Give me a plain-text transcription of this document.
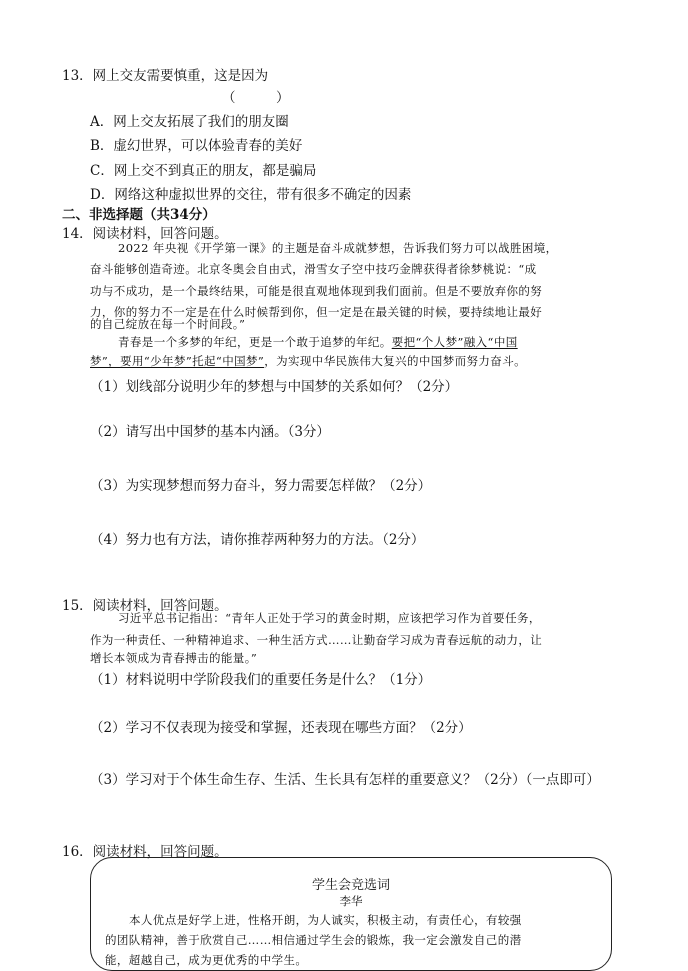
13．网上交友需要慎重，这是因为
（　　　）
A．网上交友拓展了我们的朋友圈
B．虚幻世界，可以体验青春的美好
C．网上交不到真正的朋友，都是骗局
D．网络这种虚拟世界的交往，带有很多不确定的因素
二、非选择题（共34分）
14．阅读材料，回答问题。
2022 年央视《开学第一课》的主题是奋斗成就梦想，告诉我们努力可以战胜困境，
奋斗能够创造奇迹。北京冬奥会自由式，滑雪女子空中技巧金牌获得者徐梦桃说：“成
功与不成功，是一个最终结果，可能是很直观地体现到我们面前。但是不要放弃你的努
力，你的努力不一定是在什么时候帮到你，但一定是在最关键的时候，要持续地让最好
的自己绽放在每一个时间段。”
青春是一个多梦的年纪，更是一个敢于追梦的年纪。要把“个人梦”融入“中国
梦”，要用“少年梦”托起“中国梦”，为实现中华民族伟大复兴的中国梦而努力奋斗。
（1）划线部分说明少年的梦想与中国梦的关系如何？（2分）
（2）请写出中国梦的基本内涵。（3分）
（3）为实现梦想而努力奋斗，努力需要怎样做？（2分）
（4）努力也有方法，请你推荐两种努力的方法。（2分）
15．阅读材料，回答问题。
习近平总书记指出：“青年人正处于学习的黄金时期，应该把学习作为首要任务，
作为一种责任、一种精神追求、一种生活方式……让勤奋学习成为青春远航的动力，让
增长本领成为青春搏击的能量。”
（1）材料说明中学阶段我们的重要任务是什么？（1分）
（2）学习不仅表现为接受和掌握，还表现在哪些方面？（2分）
（3）学习对于个体生命生存、生活、生长具有怎样的重要意义？（2分）（一点即可）
16．阅读材料，回答问题。
学生会竞选词
李华
本人优点是好学上进，性格开朗，为人诚实，积极主动，有责任心，有较强
的团队精神，善于欣赏自己……相信通过学生会的锻炼，我一定会激发自己的潜
能，超越自己，成为更优秀的中学生。
